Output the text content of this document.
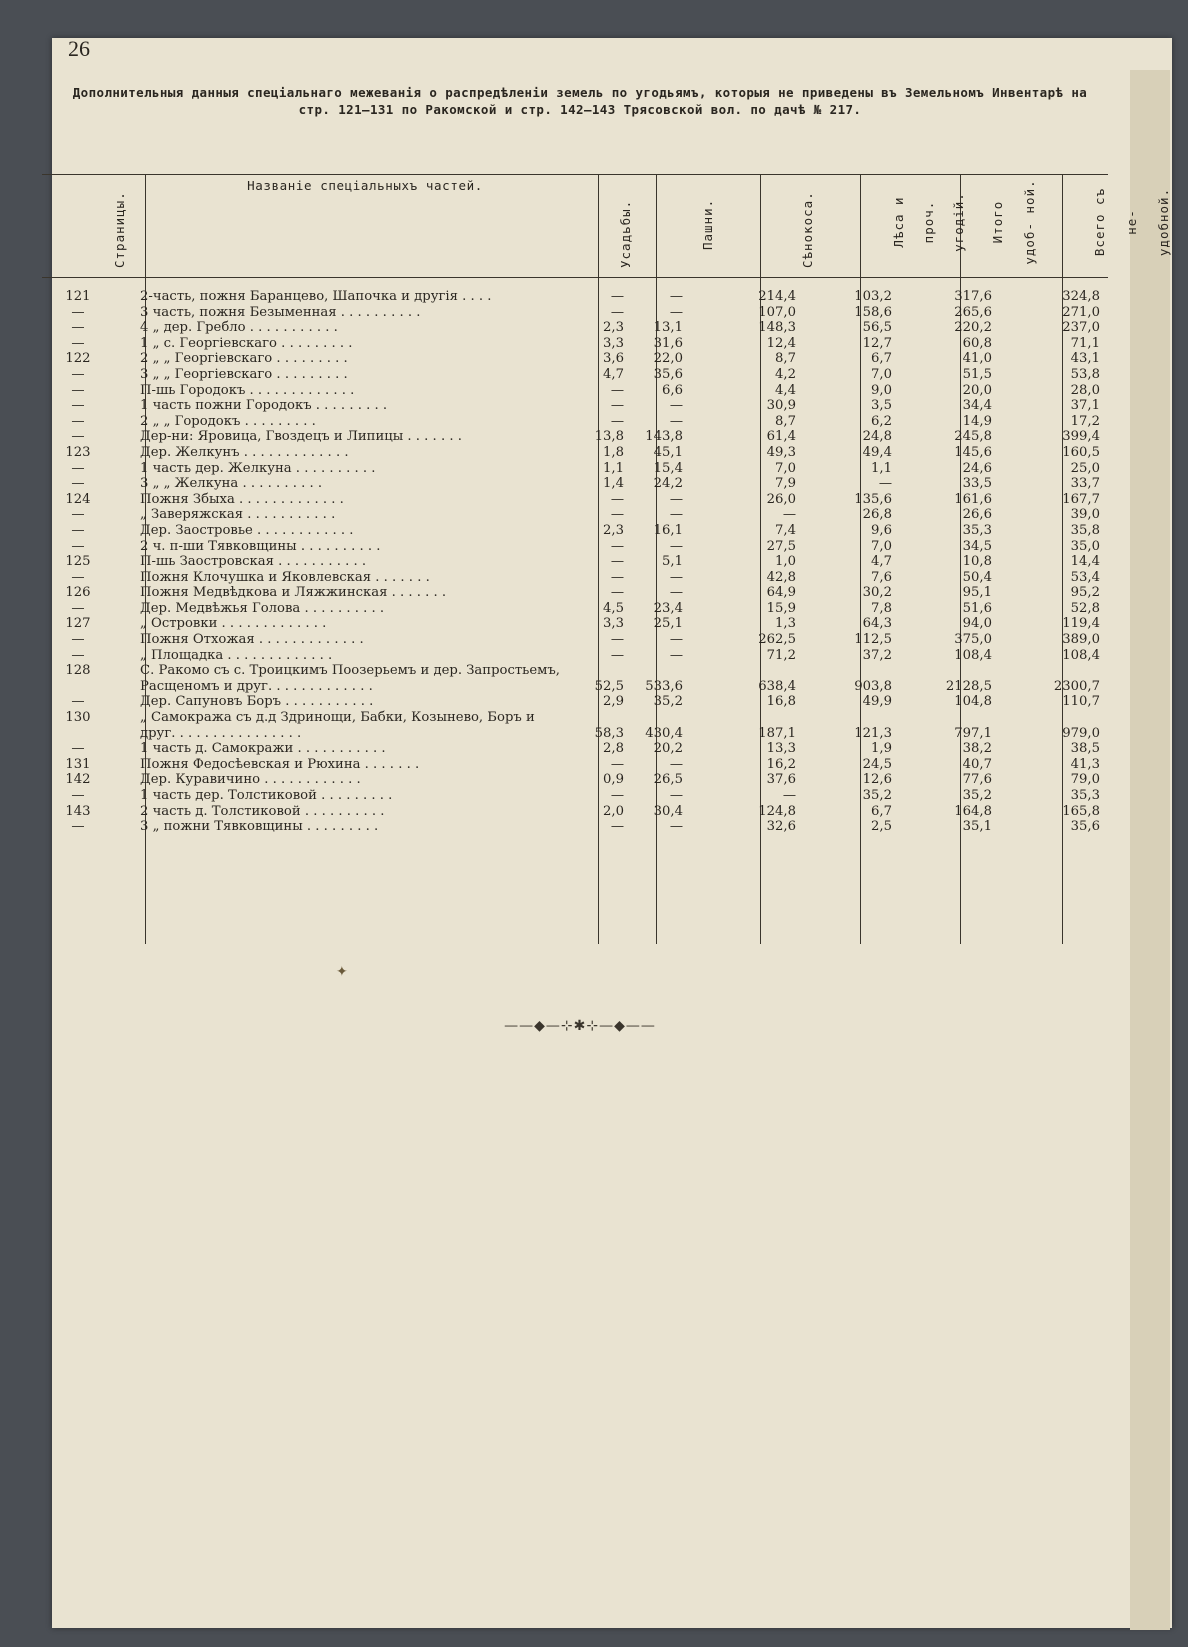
26
Дополнительныя данныя спеціальнаго межеванія о распредѣленіи земель по угодьямъ, которыя не приведены въ Земельномъ Инвентарѣ на стр. 121—131 по Ракомской и стр. 142—143 Трясовской вол. по дачѣ № 217.
Страницы.
Названіе спеціальныхъ частей.
Усадьбы.	Пашни.	Сѣнокоса.	Лѣса и проч. угодій.	Итого удоб- ной.	Всего съ не- удобной.
121	2-часть, пожня Баранцево, Шапочка и другія . . . .	—	—	214,4	103,2	317,6	324,8
—	3 часть, пожня Безыменная . . . . . . . . . .	—	—	107,0	158,6	265,6	271,0
—	4 „ дер. Гребло . . . . . . . . . . .	2,3	13,1	148,3	56,5	220,2	237,0
—	1 „ с. Георгіевскаго . . . . . . . . .	3,3	31,6	12,4	12,7	60,8	71,1
122	2 „ „ Георгіевскаго . . . . . . . . .	3,6	22,0	8,7	6,7	41,0	43,1
—	3 „ „ Георгіевскаго . . . . . . . . .	4,7	35,6	4,2	7,0	51,5	53,8
—	П-шь Городокъ . . . . . . . . . . . . .	—	6,6	4,4	9,0	20,0	28,0
—	1 часть пожни Городокъ . . . . . . . . .	—	—	30,9	3,5	34,4	37,1
—	2 „ „ Городокъ . . . . . . . . .	—	—	8,7	6,2	14,9	17,2
—	Дер-ни: Яровица, Гвоздецъ и Липицы . . . . . . .	13,8	143,8	61,4	24,8	245,8	399,4
123	Дер. Желкунъ . . . . . . . . . . . . .	1,8	45,1	49,3	49,4	145,6	160,5
—	1 часть дер. Желкуна . . . . . . . . . .	1,1	15,4	7,0	1,1	24,6	25,0
—	3 „ „ Желкуна . . . . . . . . . .	1,4	24,2	7,9	—	33,5	33,7
124	Пожня Збыха . . . . . . . . . . . . .	—	—	26,0	135,6	161,6	167,7
—	„ Заверяжская . . . . . . . . . . .	—	—	—	26,8	26,6	39,0
—	Дер. Заостровье . . . . . . . . . . . .	2,3	16,1	7,4	9,6	35,3	35,8
—	2 ч. п-ши Тявковщины . . . . . . . . . .	—	—	27,5	7,0	34,5	35,0
125	П-шь Заостровская . . . . . . . . . . .	—	5,1	1,0	4,7	10,8	14,4
—	Пожня Клочушка и Яковлевская . . . . . . .	—	—	42,8	7,6	50,4	53,4
126	Пожня Медвѣдкова и Ляжжинская . . . . . . .	—	—	64,9	30,2	95,1	95,2
—	Дер. Медвѣжья Голова . . . . . . . . . .	4,5	23,4	15,9	7,8	51,6	52,8
127	„ Островки . . . . . . . . . . . . .	3,3	25,1	1,3	64,3	94,0	119,4
—	Пожня Отхожая . . . . . . . . . . . . .	—	—	262,5	112,5	375,0	389,0
—	„ Площадка . . . . . . . . . . . . .	—	—	71,2	37,2	108,4	108,4
128	С. Ракомо съ с. Троицкимъ Поозерьемъ и дер. Запростьемъ, Расщеномъ и друг. . . . . . . . . . . . .	52,5	533,6	638,4	903,8	2128,5	2300,7
—	Дер. Сапуновъ Боръ . . . . . . . . . . .	2,9	35,2	16,8	49,9	104,8	110,7
130	„ Самокража съ д.д Здринощи, Бабки, Козынево, Боръ и друг. . . . . . . . . . . . . . . .	58,3	430,4	187,1	121,3	797,1	979,0
—	1 часть д. Самокражи . . . . . . . . . . .	2,8	20,2	13,3	1,9	38,2	38,5
131	Пожня Федосѣевская и Рюхина . . . . . . .	—	—	16,2	24,5	40,7	41,3
142	Дер. Куравичино . . . . . . . . . . . .	0,9	26,5	37,6	12,6	77,6	79,0
—	1 часть дер. Толстиковой . . . . . . . . .	—	—	—	35,2	35,2	35,3
143	2 часть д. Толстиковой . . . . . . . . . .	2,0	30,4	124,8	6,7	164,8	165,8
—	3 „ пожни Тявковщины . . . . . . . . .	—	—	32,6	2,5	35,1	35,6
✦
——◆—⊹✱⊹—◆——
